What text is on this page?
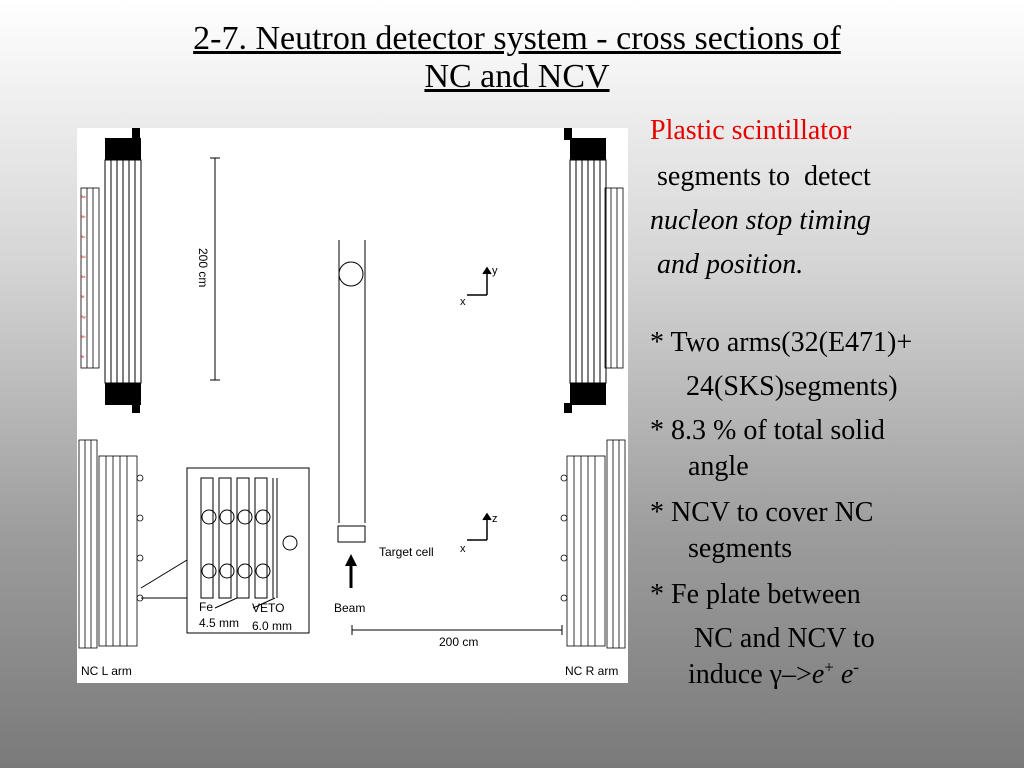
2-7. Neutron detector system - cross sections of
NC and NCV
9a
9b
9c
9d
9e
9f
9g
9h
9i
200 cm	y
x
z
x
Target cell
Beam
200 cm
Fe
4.5 mm
VETO
6.0 mm
NC L arm	NC R arm

Plastic scintillator

segments to  detect

nucleon stop timing

and position.

* Two arms(32(E471)+

24(SKS)segments)

* 8.3 % of total solid

angle

* NCV to cover NC

segments

* Fe plate between

NC and NCV to

induce γ–>e+ e-
